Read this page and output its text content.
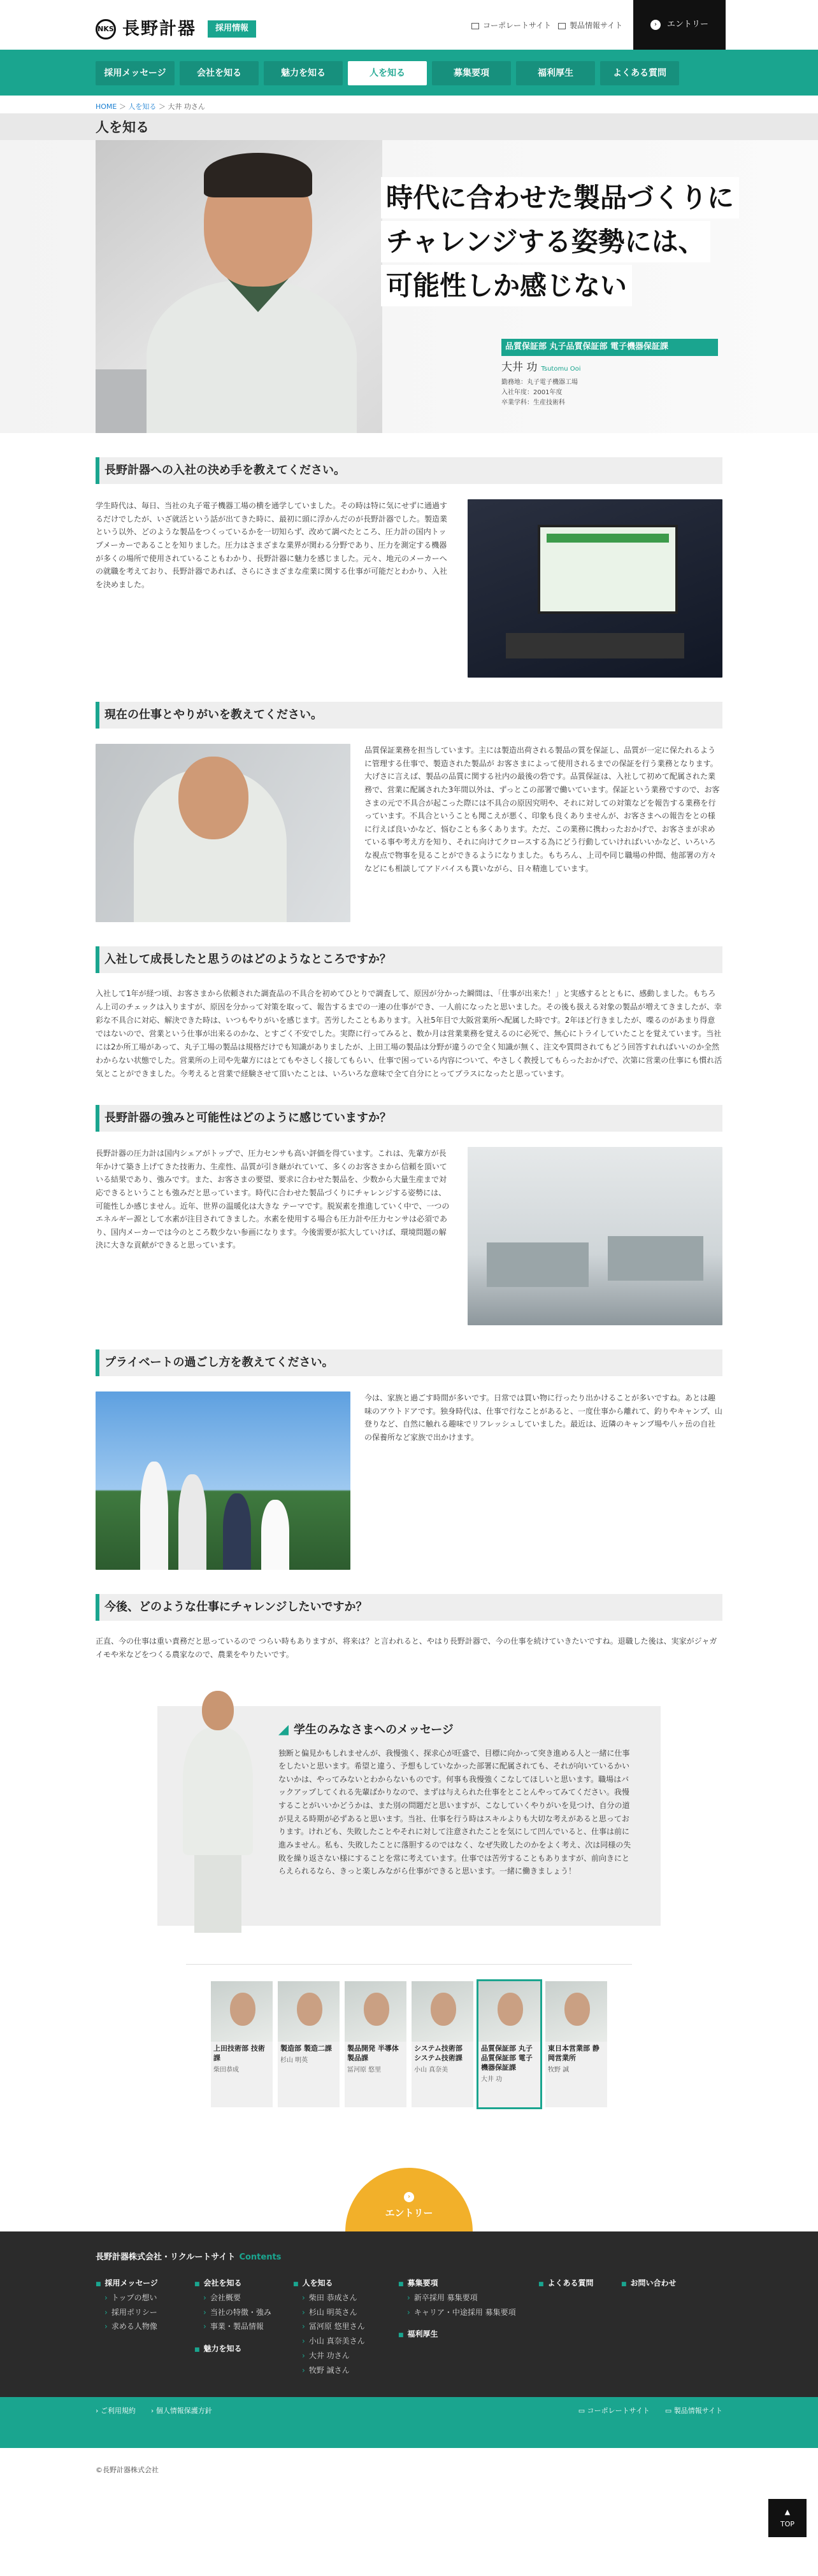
NKS 長野計器	採用情報	コーポレートサイト 製品情報サイト	›	エントリー
採用メッセージ	会社を知る	魅力を知る	人を知る	募集要項	福利厚生	よくある質問
HOME ＞ 人を知る ＞ 大井 功さん
人を知る
時代に合わせた製品づくりに
チャレンジする姿勢には、
可能性しか感じない
品質保証部 丸子品質保証部 電子機器保証課
大井 功 Tsutomu Ooi
勤務地：丸子電子機器工場
入社年度：2001年度
卒業学科：生産技術科
長野計器への入社の決め手を教えてください。

学生時代は、毎日、当社の丸子電子機器工場の横を通学していました。その時は特に気にせずに通過するだけでしたが、いざ就活という話が出てきた時に、最初に頭に浮かんだのが長野計器でした。製造業という以外、どのような製品をつくっているかを一切知らず、改めて調べたところ、圧力計の国内トップメーカーであることを知りました。圧力はさまざまな業界が関わる分野であり、圧力を測定する機器が多くの場所で使用されていることもわかり、長野計器に魅力を感じました。元々、地元のメーカーへの就職を考えており、長野計器であれば、さらにさまざまな産業に関する仕事が可能だとわかり、入社を決めました。

現在の仕事とやりがいを教えてください。

品質保証業務を担当しています。主には製造出荷される製品の質を保証し、品質が一定に保たれるように管理する仕事で、製造された製品が お客さまによって使用されるまでの保証を行う業務となります。大げさに言えば、製品の品質に関する社内の最後の砦です。品質保証は、入社して初めて配属された業務で、営業に配属された3年間以外は、ずっとこの部署で働いています。保証という業務ですので、お客さまの元で不具合が起こった際には不具合の原因究明や、それに対しての対策などを報告する業務を行っています。不具合ということも聞こえが悪く、印象も良くありませんが、お客さまへの報告をとの様に行えば良いかなど、悩むことも多くあります。ただ、この業務に携わったおかげで、お客さまが求めている事や考え方を知り、それに向けてクロースする為にどう行動していければいいかなど、いろいろな視点で物事を見ることができるようになりました。もちろん、上司や同じ職場の仲間、他部署の方々などにも相談してアドバイスも貰いながら、日々精進しています。

入社して成長したと思うのはどのようなところですか？

入社して1年が経つ頃、お客さまから依頼された調査品の不具合を初めてひとりで調査して、原因が分かった瞬間は、「仕事が出来た！」と実感するとともに、感動しました。もちろん上司のチェックは入りますが、原因を分かって対策を取って、報告するまでの一連の仕事ができ、一人前になったと思いました。その後も扱える対象の製品が増えてきましたが、幸彩な不具合に対応、解決できた時は、いつもやりがいを感じます。苦労したこともあります。入社5年目で大阪営業所へ配属した時です。2年ほど行きましたが、喋るのがあまり得意ではないので、営業という仕事が出来るのかな、とすごく不安でした。実際に行ってみると、数か月は営業業務を覚えるのに必死で、無心にトライしていたことを覚えています。当社には2か所工場があって、丸子工場の製品は規格だけでも知識がありましたが、上田工場の製品は分野が違うので全く知識が無く、注文や質問されてもどう回答すれればいいのか全然わからない状態でした。営業所の上司や先輩方にはとてもやさしく接してもらい、仕事で困っている内容について、やさしく教授してもらったおかげで、次第に営業の仕事にも慣れ活気とことができました。今考えると営業で経験させて頂いたことは、いろいろな意味で全て自分にとってプラスになったと思っています。

長野計器の強みと可能性はどのように感じていますか？

長野計器の圧力計は国内シェアがトップで、圧力センサも高い評価を得ています。これは、先輩方が長年かけて築き上げてきた技術力、生産性、品質が引き継がれていて、多くのお客さまから信頼を頂いている結果であり、強みです。また、お客さまの要望、要求に合わせた製品を、少数から大量生産まで対応できるということも強みだと思っています。時代に合わせた製品づくりにチャレンジする姿勢には、可能性しか感じません。近年、世界の温暖化は大きな テーマです。脱炭素を推進していく中で、一つのエネルギー源として水素が注目されてきました。水素を使用する場合も圧力計や圧力センサは必須であり、国内メーカーでは今のところ数少ない参画になります。今後需要が拡大していけば、環境問題の解決に大きな貢献ができると思っています。

プライベートの過ごし方を教えてください。

今は、家族と過ごす時間が多いです。日常では買い物に行ったり出かけることが多いですね。あとは趣味のアウトドアです。独身時代は、仕事で行なことがあると、一度仕事から離れて、釣りやキャンプ、山登りなど、自然に触れる趣味でリフレッシュしていました。最近は、近隣のキャンプ場や八ヶ岳の自社の保養所など家族で出かけます。

今後、どのような仕事にチャレンジしたいですか？

正直、今の仕事は重い責務だと思っているので つらい時もありますが、将来は？と言われると、やはり長野計器で、今の仕事を続けていきたいですね。退職した後は、実家がジャガイモや米などをつくる農家なので、農業をやりたいです。

学生のみなさまへのメッセージ

独断と偏見かもしれませんが、我慢強く、探求心が旺盛で、目標に向かって突き進める人と一緒に仕事をしたいと思います。希望と違う、予想もしていなかった部署に配属されても、それが向いているかいないかは、やってみないとわからないものです。何事も我慢強くこなしてほしいと思います。職場はバックアップしてくれる先輩ばかりなので、まずは与えられた仕事をとことんやってみてください。我慢することがいいかどうかは、また別の問題だと思いますが、こなしていくやりがいを見つけ、自分の道が見える時期が必ずあると思います。当社、仕事を行う時はスキルよりも大切な考えがあると思っております。けれども、失敗したことやそれに対して注意されたことを気にして凹んでいると、仕事は前に進みません。私も、失敗したことに落胆するのではなく、なぜ失敗したのかをよく考え、次は同様の失敗を繰り返さない様にすることを常に考えています。仕事では苦労することもありますが、前向きにとらえられるなら、きっと楽しみながら仕事ができると思います。一緒に働きましょう！

上田技術部 技術課
柴田恭成
製造部 製造二課
杉山 明英
製品開発 半導体製品課
冨河原 悠里
システム技術部 システム技術課
小山 真奈美
品質保証部 丸子品質保証部 電子機器保証課
大井 功
東日本営業部 静岡営業所
牧野 誠
›
エントリー
長野計器株式会社・リクルートサイト Contents
■ 採用メッセージ
› トップの想い
› 採用ポリシー
› 求める人物像
■ 会社を知る
› 会社概要
› 当社の特徴・強み
› 事業・製品情報
■ 魅力を知る
■ 人を知る
› 柴田 恭成さん
› 杉山 明英さん
› 冨河原 悠里さん
› 小山 真奈美さん
› 大井 功さん
› 牧野 誠さん
■ 募集要項
› 新卒採用 募集要項
› キャリア・中途採用 募集要項
■ 福利厚生
■ よくある質問
■	お問い合わせ
› ご利用規約 › 個人情報保護方針	▭ コーポレートサイト ▭ 製品情報サイト
©長野計器株式会社
▲
TOP
